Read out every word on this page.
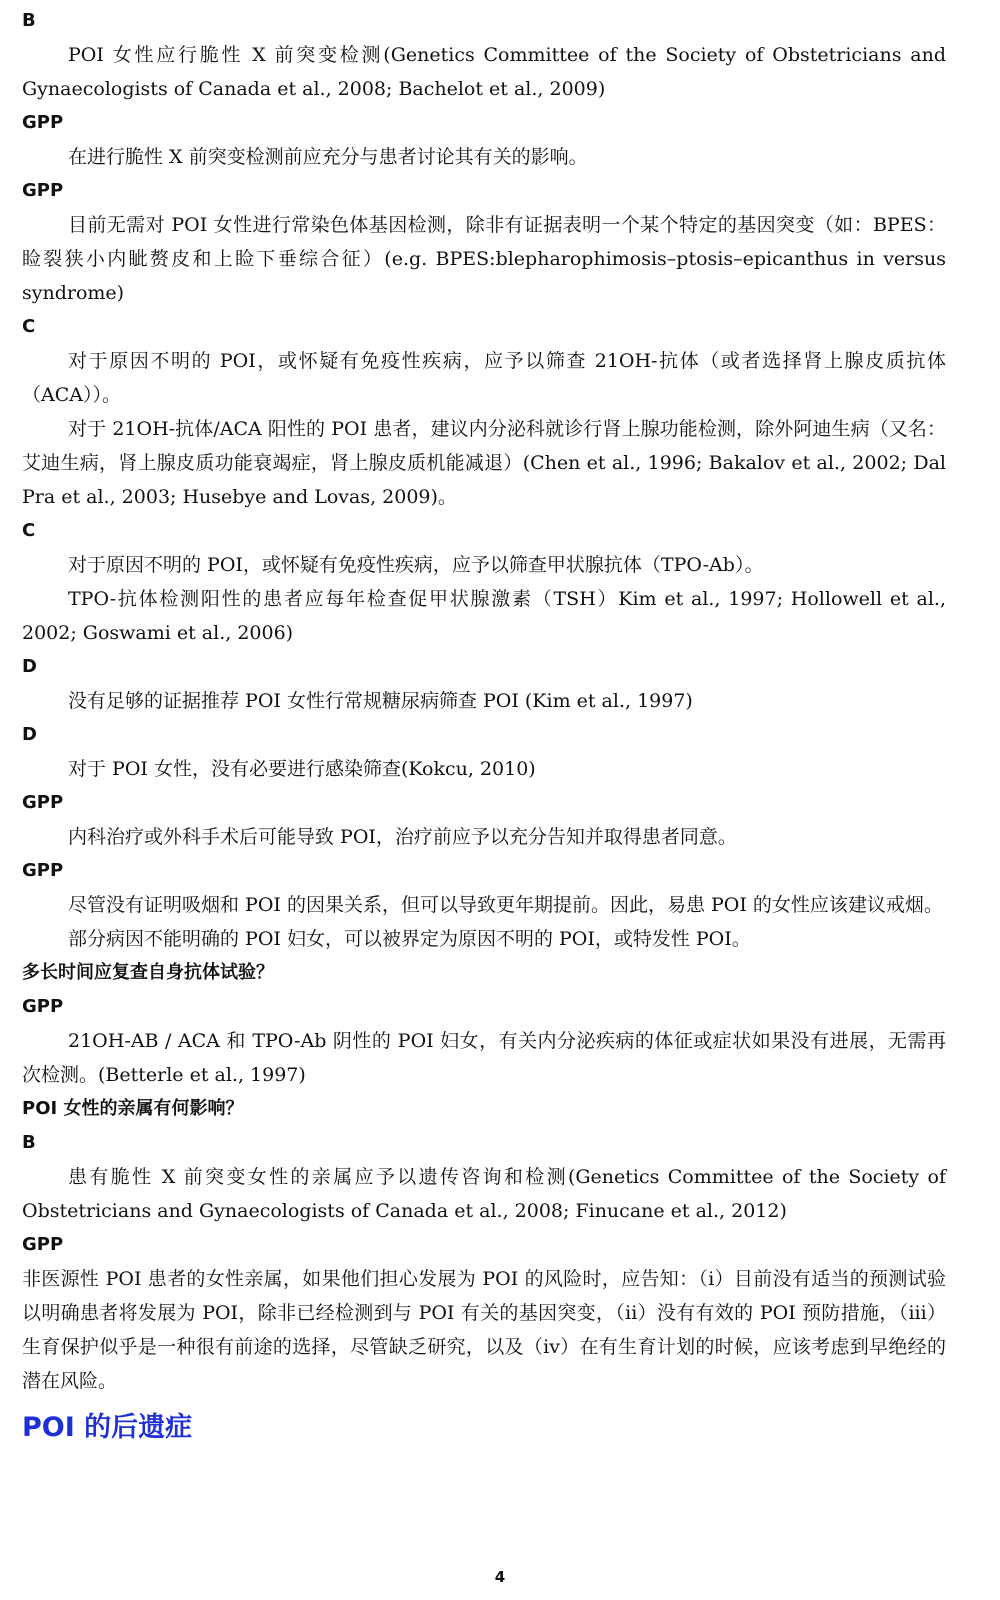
B

POI 女性应行脆性 X 前突变检测(Genetics Committee of the Society of Obstetricians and Gynaecologists of Canada et al., 2008; Bachelot et al., 2009)

GPP

在进行脆性 X 前突变检测前应充分与患者讨论其有关的影响。

GPP

目前无需对 POI 女性进行常染色体基因检测，除非有证据表明一个某个特定的基因突变（如：BPES：睑裂狭小内眦赘皮和上睑下垂综合征）(e.g. BPES:blepharophimosis–ptosis–epicanthus in versus syndrome)

C

对于原因不明的 POI，或怀疑有免疫性疾病，应予以筛查 21OH-抗体（或者选择肾上腺皮质抗体（ACA））。

对于 21OH-抗体/ACA 阳性的 POI 患者，建议内分泌科就诊行肾上腺功能检测，除外阿迪生病（又名：艾迪生病，肾上腺皮质功能衰竭症，肾上腺皮质机能减退）(Chen et al., 1996; Bakalov et al., 2002; Dal Pra et al., 2003; Husebye and Lovas, 2009)。

C

对于原因不明的 POI，或怀疑有免疫性疾病，应予以筛查甲状腺抗体（TPO-Ab）。

TPO-抗体检测阳性的患者应每年检查促甲状腺激素（TSH）Kim et al., 1997; Hollowell et al., 2002; Goswami et al., 2006)

D

没有足够的证据推荐 POI 女性行常规糖尿病筛查 POI (Kim et al., 1997)

D

对于 POI 女性，没有必要进行感染筛查(Kokcu, 2010)

GPP

内科治疗或外科手术后可能导致 POI，治疗前应予以充分告知并取得患者同意。

GPP

尽管没有证明吸烟和 POI 的因果关系，但可以导致更年期提前。因此，易患 POI 的女性应该建议戒烟。

部分病因不能明确的 POI 妇女，可以被界定为原因不明的 POI，或特发性 POI。

多长时间应复查自身抗体试验？
GPP

21OH-AB / ACA 和 TPO-Ab 阴性的 POI 妇女，有关内分泌疾病的体征或症状如果没有进展，无需再次检测。(Betterle et al., 1997)

POI 女性的亲属有何影响？
B

患有脆性 X 前突变女性的亲属应予以遗传咨询和检测(Genetics Committee of the Society of Obstetricians and Gynaecologists of Canada et al., 2008; Finucane et al., 2012)

GPP

非医源性 POI 患者的女性亲属，如果他们担心发展为 POI 的风险时，应告知：（i）目前没有适当的预测试验以明确患者将发展为 POI，除非已经检测到与 POI 有关的基因突变，（ii）没有有效的 POI 预防措施，（iii）生育保护似乎是一种很有前途的选择，尽管缺乏研究，以及（iv）在有生育计划的时候，应该考虑到早绝经的潜在风险。

POI 的后遗症
4
